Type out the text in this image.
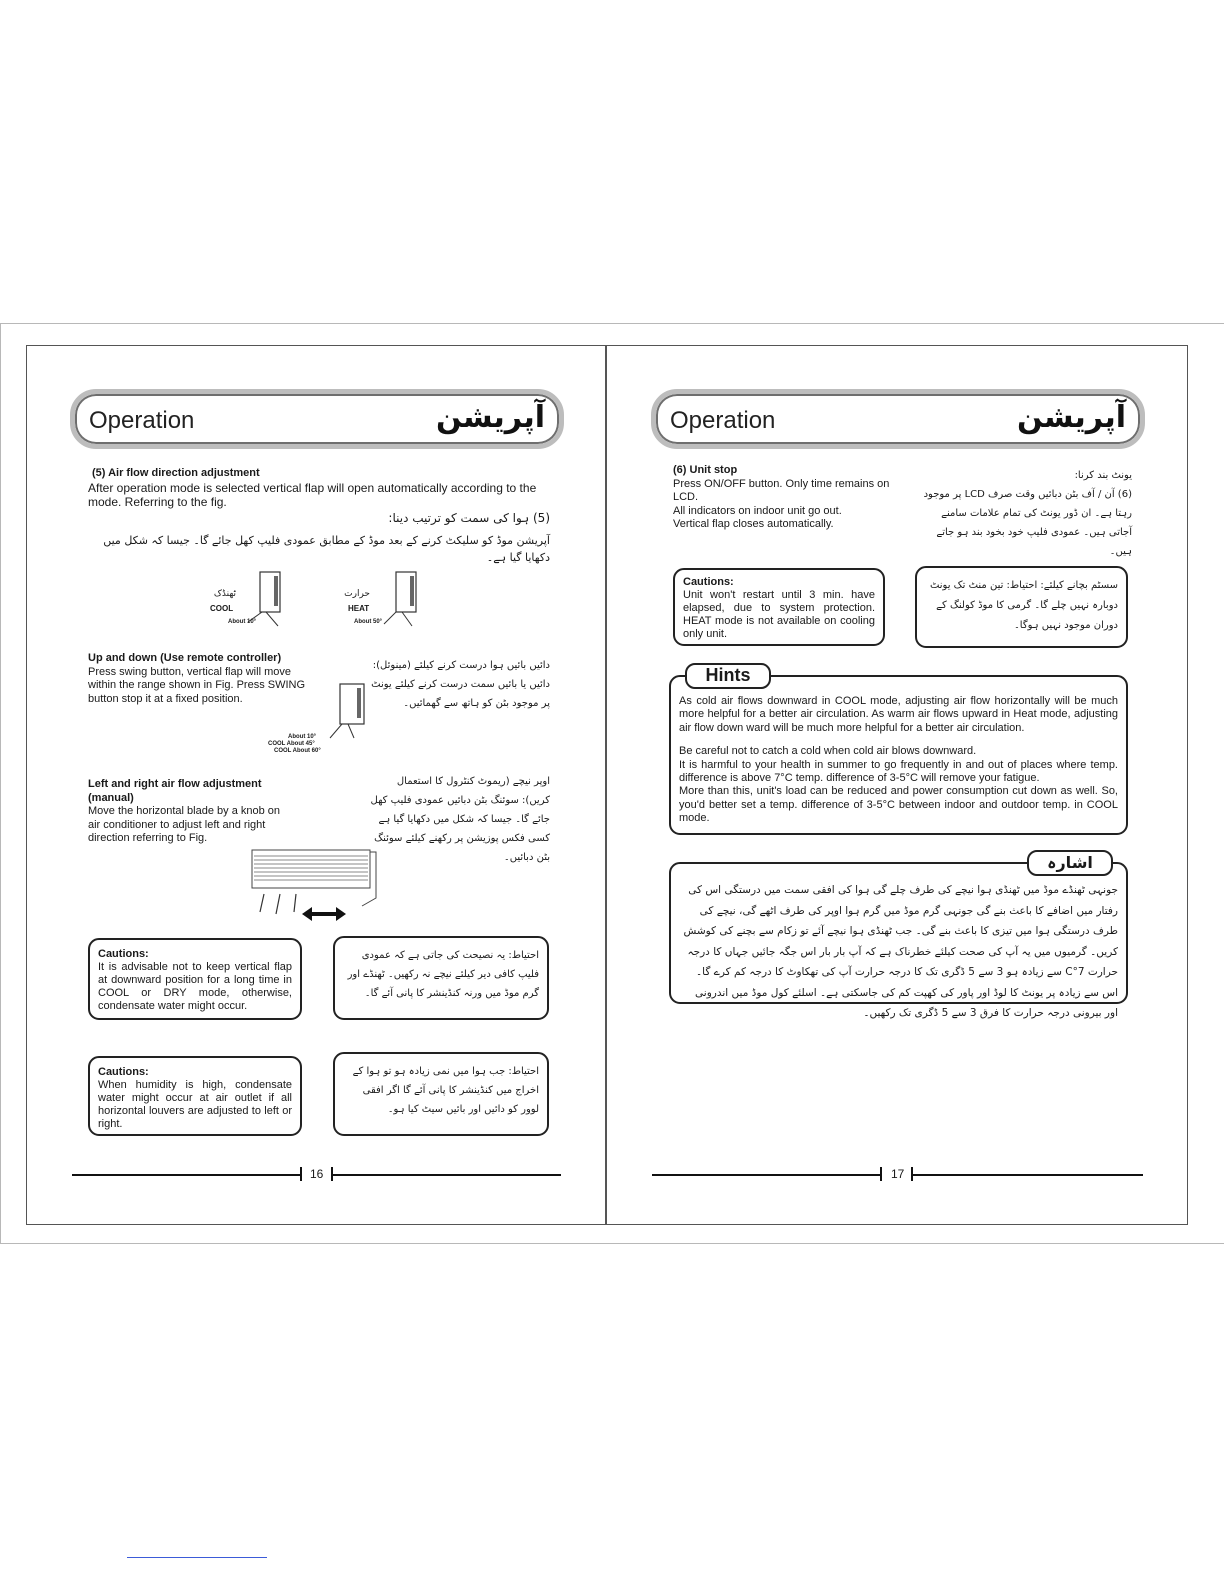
Operation	آپریشن
(5) Air flow direction adjustment
After operation mode is selected vertical flap will open automatically according to the mode. Referring to the fig.
(5) ہوا کی سمت کو ترتیب دینا:
آپریشن موڈ کو سلیکٹ کرنے کے بعد موڈ کے مطابق عمودی فلیپ کھل جائے گا۔ جیسا کہ شکل میں دکھایا گیا ہے۔
ٹھنڈک
COOL
About 10°
حرارت
HEAT
About 50°
Up and down (Use remote controller)
Press swing button, vertical flap will move within the range shown in Fig. Press SWING button stop it at a fixed position.
دائیں بائیں ہوا درست کرنے کیلئے (مینوئل): دائیں یا بائیں سمت درست کرنے کیلئے یونٹ پر موجود بٹن کو ہاتھ سے گھمائیں۔
About 10°
COOL About 45°
COOL About 60°
Left and right air flow adjustment (manual)
Move the horizontal blade by a knob on air conditioner to adjust left and right direction referring to Fig.
اوپر نیچے (ریموٹ کنٹرول کا استعمال کریں): سوئنگ بٹن دبائیں عمودی فلیپ کھل جائے گا۔ جیسا کہ شکل میں دکھایا گیا ہے کسی فکس پوزیشن پر رکھنے کیلئے سوئنگ بٹن دبائیں۔
Cautions:
It is advisable not to keep vertical flap at downward position for a long time in COOL or DRY mode, otherwise, condensate water might occur.
احتیاط: یہ نصیحت کی جاتی ہے کہ عمودی فلیپ کافی دیر کیلئے نیچے نہ رکھیں۔ ٹھنڈے اور گرم موڈ میں ورنہ کنڈینشر کا پانی آئے گا۔
Cautions:
When humidity is high, condensate water might occur at air outlet if all horizontal louvers are adjusted to left or right.
احتیاط: جب ہوا میں نمی زیادہ ہو تو ہوا کے اخراج میں کنڈینشر کا پانی آئے گا اگر افقی لوور کو دائیں اور بائیں سیٹ کیا ہو۔
16
Operation	آپریشن
(6) Unit stop
Press ON/OFF button. Only time remains on LCD.
All indicators on indoor unit go out.
Vertical flap closes automatically.
یونٹ بند کرنا:
(6) آن / آف بٹن دبائیں وقت صرف LCD پر موجود رہتا ہے۔ ان ڈور یونٹ کی تمام علامات سامنے آجاتی ہیں۔ عمودی فلیپ خود بخود بند ہو جاتے ہیں۔
Cautions:
Unit won't restart until 3 min. have elapsed, due to system protection. HEAT mode is not available on cooling only unit.
سسٹم بچانے کیلئے: احتیاط: تین منٹ تک یونٹ دوبارہ نہیں چلے گا۔ گرمی کا موڈ کولنگ کے دوران موجود نہیں ہوگا۔
As cold air flows downward in COOL mode, adjusting air flow horizontally will be much more helpful for a better air circulation. As warm air flows upward in Heat mode, adjusting air flow down ward will be much more helpful for a better air circulation.
Be careful not to catch a cold when cold air blows downward.
It is harmful to your health in summer to go frequently in and out of places where temp. difference is above 7°C temp. difference of 3-5°C will remove your fatigue.
More than this, unit's load can be reduced and power consumption cut down as well. So, you'd better set a temp. difference of 3-5°C between indoor and outdoor temp. in COOL mode.
Hints
جونہی ٹھنڈے موڈ میں ٹھنڈی ہوا نیچے کی طرف چلے گی ہوا کی افقی سمت میں درستگی اس کی رفتار میں اضافے کا باعث بنے گی جونہی گرم موڈ میں گرم ہوا اوپر کی طرف اٹھے گی، نیچے کی طرف درستگی ہوا میں تیزی کا باعث بنے گی۔ جب ٹھنڈی ہوا نیچے آئے تو زکام سے بچنے کی کوشش کریں۔ گرمیوں میں یہ آپ کی صحت کیلئے خطرناک ہے کہ آپ بار بار اس جگہ جائیں جہاں کا درجہ حرارت 7°C سے زیادہ ہو 3 سے 5 ڈگری تک کا درجہ حرارت آپ کی تھکاوٹ کا درجہ کم کرے گا۔ اس سے زیادہ پر یونٹ کا لوڈ اور پاور کی کھپت کم کی جاسکتی ہے۔ اسلئے کول موڈ میں اندرونی اور بیرونی درجہ حرارت کا فرق 3 سے 5 ڈگری تک رکھیں۔
اشارہ
17
